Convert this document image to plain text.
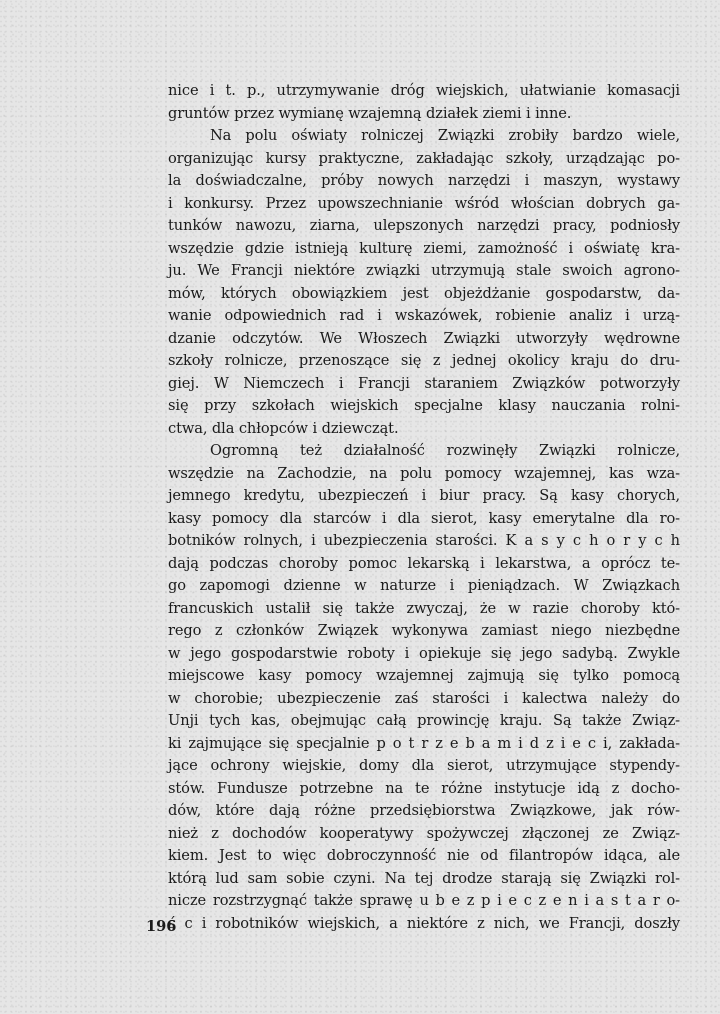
nice i t. p., utrzymywanie dróg wiejskich, ułatwianie komasacji
gruntów przez wymianę wzajemną działek ziemi i inne.
Na polu oświaty rolniczej Związki zrobiły bardzo wiele,
organizując kursy praktyczne, zakładając szkoły, urządzając po-
la doświadczalne, próby nowych narzędzi i maszyn, wystawy
i konkursy. Przez upowszechnianie wśród włościan dobrych ga-
tunków nawozu, ziarna, ulepszonych narzędzi pracy, podniosły
wszędzie gdzie istnieją kulturę ziemi, zamożność i oświatę kra-
ju. We Francji niektóre związki utrzymują stale swoich agrono-
mów, których obowiązkiem jest objeżdżanie gospodarstw, da-
wanie odpowiednich rad i wskazówek, robienie analiz i urzą-
dzanie odczytów. We Włoszech Związki utworzyły wędrowne
szkoły rolnicze, przenoszące się z jednej okolicy kraju do dru-
giej. W Niemczech i Francji staraniem Związków potworzyły
się przy szkołach wiejskich specjalne klasy nauczania rolni-
ctwa, dla chłopców i dziewcząt.
Ogromną też działalność rozwinęły Związki rolnicze,
wszędzie na Zachodzie, na polu pomocy wzajemnej, kas wza-
jemnego kredytu, ubezpieczeń i biur pracy. Są kasy chorych,
kasy pomocy dla starców i dla sierot, kasy emerytalne dla ro-
botników rolnych, i ubezpieczenia starości. K a s y c h o r y c h
dają podczas choroby pomoc lekarską i lekarstwa, a oprócz te-
go zapomogi dzienne w naturze i pieniądzach. W Związkach
francuskich ustalił się także zwyczaj, że w razie choroby któ-
rego z członków Związek wykonywa zamiast niego niezbędne
w jego gospodarstwie roboty i opiekuje się jego sadybą. Zwykle
miejscowe kasy pomocy wzajemnej zajmują się tylko pomocą
w chorobie; ubezpieczenie zaś starości i kalectwa należy do
Unji tych kas, obejmując całą prowincję kraju. Są także Związ-
ki zajmujące się specjalnie p o t r z e b a m i d z i e c i, zakłada-
jące ochrony wiejskie, domy dla sierot, utrzymujące stypendy-
stów. Fundusze potrzebne na te różne instytucje idą z docho-
dów, które dają różne przedsiębiorstwa Związkowe, jak rów-
nież z dochodów kooperatywy spożywczej złączonej ze Związ-
kiem. Jest to więc dobroczynność nie od filantropów idąca, ale
którą lud sam sobie czyni. Na tej drodze starają się Związki rol-
nicze rozstrzygnąć także sprawę u b e z p i e c z e n i a s t a r o-
ś c i robotników wiejskich, a niektóre z nich, we Francji, doszły
196
